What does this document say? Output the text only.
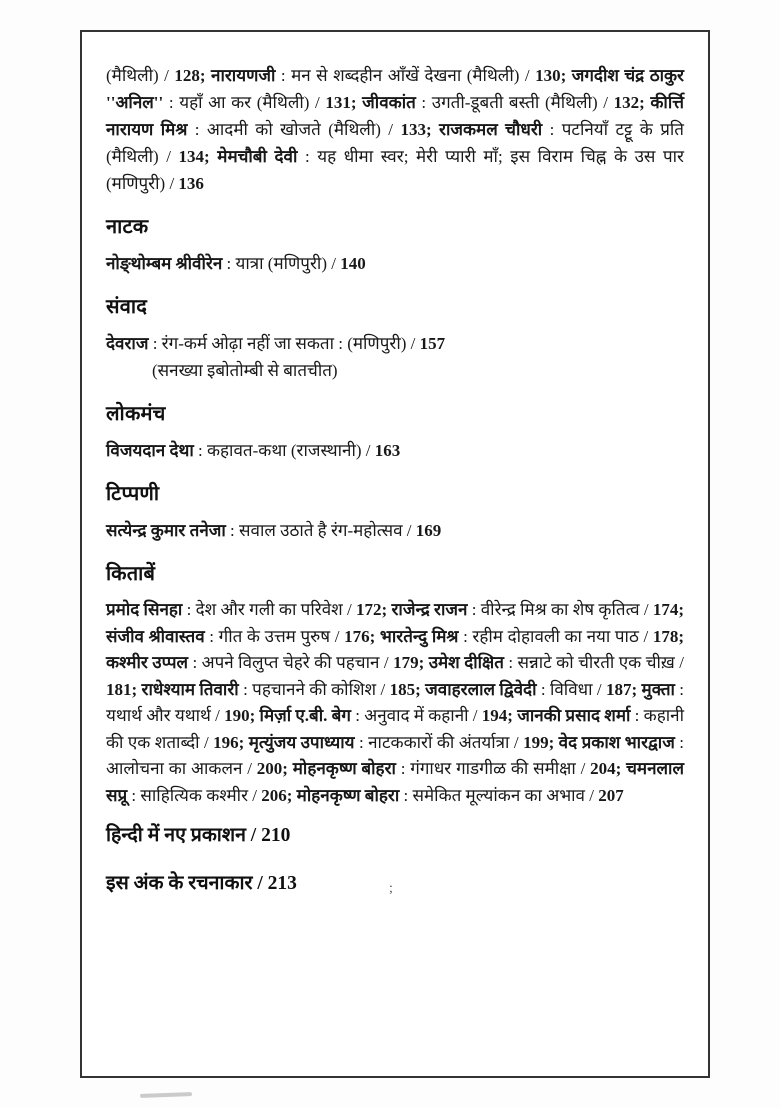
(मैथिली) / 128; नारायणजी : मन से शब्दहीन आँखें देखना (मैथिली) / 130; जगदीश चंद्र ठाकुर ''अनिल'' : यहाँ आ कर (मैथिली) / 131; जीवकांत : उगती-डूबती बस्ती (मैथिली) / 132; कीर्त्ति नारायण मिश्र : आदमी को खोजते (मैथिली) / 133; राजकमल चौधरी : पटनियाँ टट्टू के प्रति (मैथिली) / 134; मेमचौबी देवी : यह धीमा स्वर; मेरी प्यारी माँ; इस विराम चिह्न के उस पार (मणिपुरी) / 136

नाटक

नोङ्थोम्बम श्रीवीरेन : यात्रा (मणिपुरी) / 140

संवाद

देवराज : रंग-कर्म ओढ़ा नहीं जा सकता : (मणिपुरी) / 157

(सनख्या इबोतोम्बी से बातचीत)

लोकमंच

विजयदान देथा : कहावत-कथा (राजस्थानी) / 163

टिप्पणी

सत्येन्द्र कुमार तनेजा : सवाल उठाते है रंग-महोत्सव / 169

किताबें

प्रमोद सिनहा : देश और गली का परिवेश / 172; राजेन्द्र राजन : वीरेन्द्र मिश्र का शेष कृतित्व / 174; संजीव श्रीवास्तव : गीत के उत्तम पुरुष / 176; भारतेन्दु मिश्र : रहीम दोहावली का नया पाठ / 178; कश्मीर उप्पल : अपने विलुप्त चेहरे की पहचान / 179; उमेश दीक्षित : सन्नाटे को चीरती एक चीख़ / 181; राधेश्याम तिवारी : पहचानने की कोशिश / 185; जवाहरलाल द्विवेदी : विविधा / 187; मुक्ता : यथार्थ और यथार्थ / 190; मिर्ज़ा ए.बी. बेग : अनुवाद में कहानी / 194; जानकी प्रसाद शर्मा : कहानी की एक शताब्दी / 196; मृत्युंजय उपाध्याय : नाटककारों की अंतर्यात्रा / 199; वेद प्रकाश भारद्वाज : आलोचना का आकलन / 200; मोहनकृष्ण बोहरा : गंगाधर गाडगीळ की समीक्षा / 204; चमनलाल सप्रू : साहित्यिक कश्मीर / 206; मोहनकृष्ण बोहरा : समेकित मूल्यांकन का अभाव / 207

हिन्दी में नए प्रकाशन / 210

इस अंक के रचनाकार / 213	;
